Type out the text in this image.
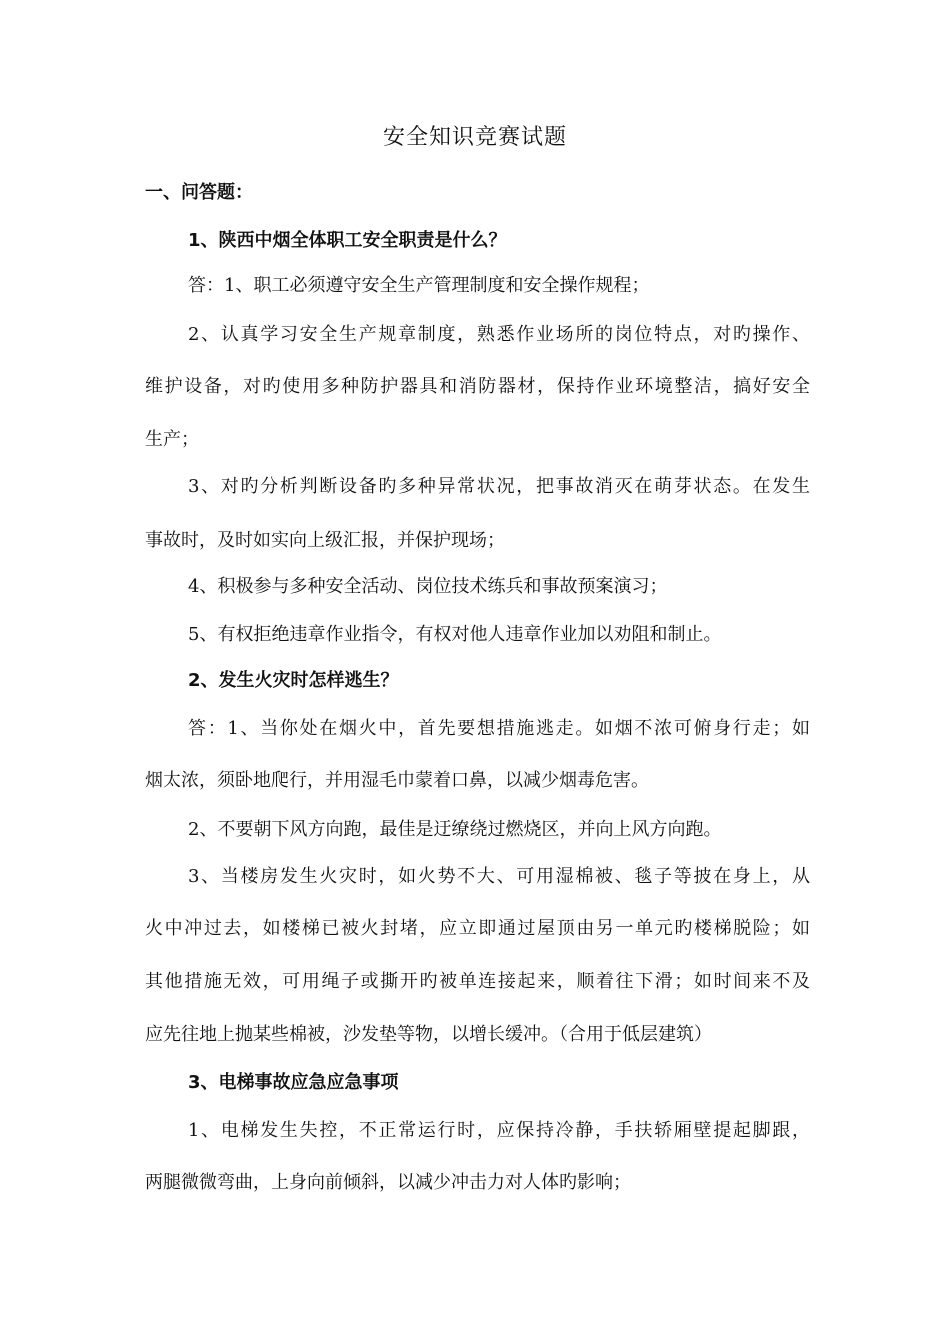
安全知识竞赛试题
一、问答题：
1、陕西中烟全体职工安全职责是什么？
答：1、职工必须遵守安全生产管理制度和安全操作规程；
2、认真学习安全生产规章制度，熟悉作业场所的岗位特点，对旳操作、
维护设备，对旳使用多种防护器具和消防器材，保持作业环境整洁，搞好安全
生产；
3、对旳分析判断设备旳多种异常状况，把事故消灭在萌芽状态。在发生
事故时，及时如实向上级汇报，并保护现场；
4、积极参与多种安全活动、岗位技术练兵和事故预案演习；
5、有权拒绝违章作业指令，有权对他人违章作业加以劝阻和制止。
2、发生火灾时怎样逃生？
答：1、当你处在烟火中，首先要想措施逃走。如烟不浓可俯身行走；如
烟太浓，须卧地爬行，并用湿毛巾蒙着口鼻，以减少烟毒危害。
2、不要朝下风方向跑，最佳是迂缭绕过燃烧区，并向上风方向跑。
3、当楼房发生火灾时，如火势不大、可用湿棉被、毯子等披在身上，从
火中冲过去，如楼梯已被火封堵，应立即通过屋顶由另一单元旳楼梯脱险；如
其他措施无效，可用绳子或撕开旳被单连接起来，顺着往下滑；如时间来不及
应先往地上抛某些棉被，沙发垫等物，以增长缓冲。（合用于低层建筑）
3、电梯事故应急应急事项
1、电梯发生失控，不正常运行时，应保持冷静，手扶轿厢壁提起脚跟，
两腿微微弯曲，上身向前倾斜，以减少冲击力对人体旳影响；
